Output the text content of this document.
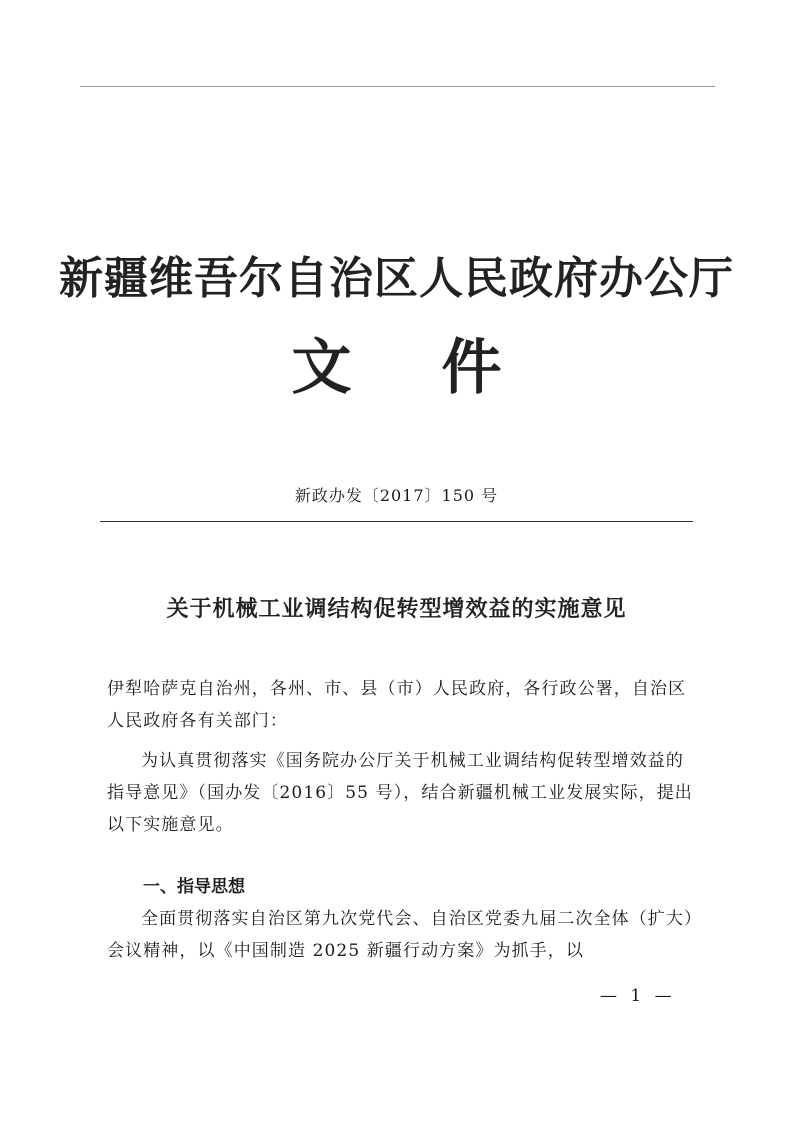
新疆维吾尔自治区人民政府办公厅
文 件
新政办发〔2017〕150 号
关于机械工业调结构促转型增效益的实施意见

伊犁哈萨克自治州，各州、市、县（市）人民政府，各行政公署，自治区人民政府各有关部门：

为认真贯彻落实《国务院办公厅关于机械工业调结构促转型增效益的指导意见》（国办发〔2016〕55 号），结合新疆机械工业发展实际，提出以下实施意见。

一、指导思想

全面贯彻落实自治区第九次党代会、自治区党委九届二次全体（扩大）会议精神，以《中国制造 2025 新疆行动方案》为抓手，以

— 1 —
